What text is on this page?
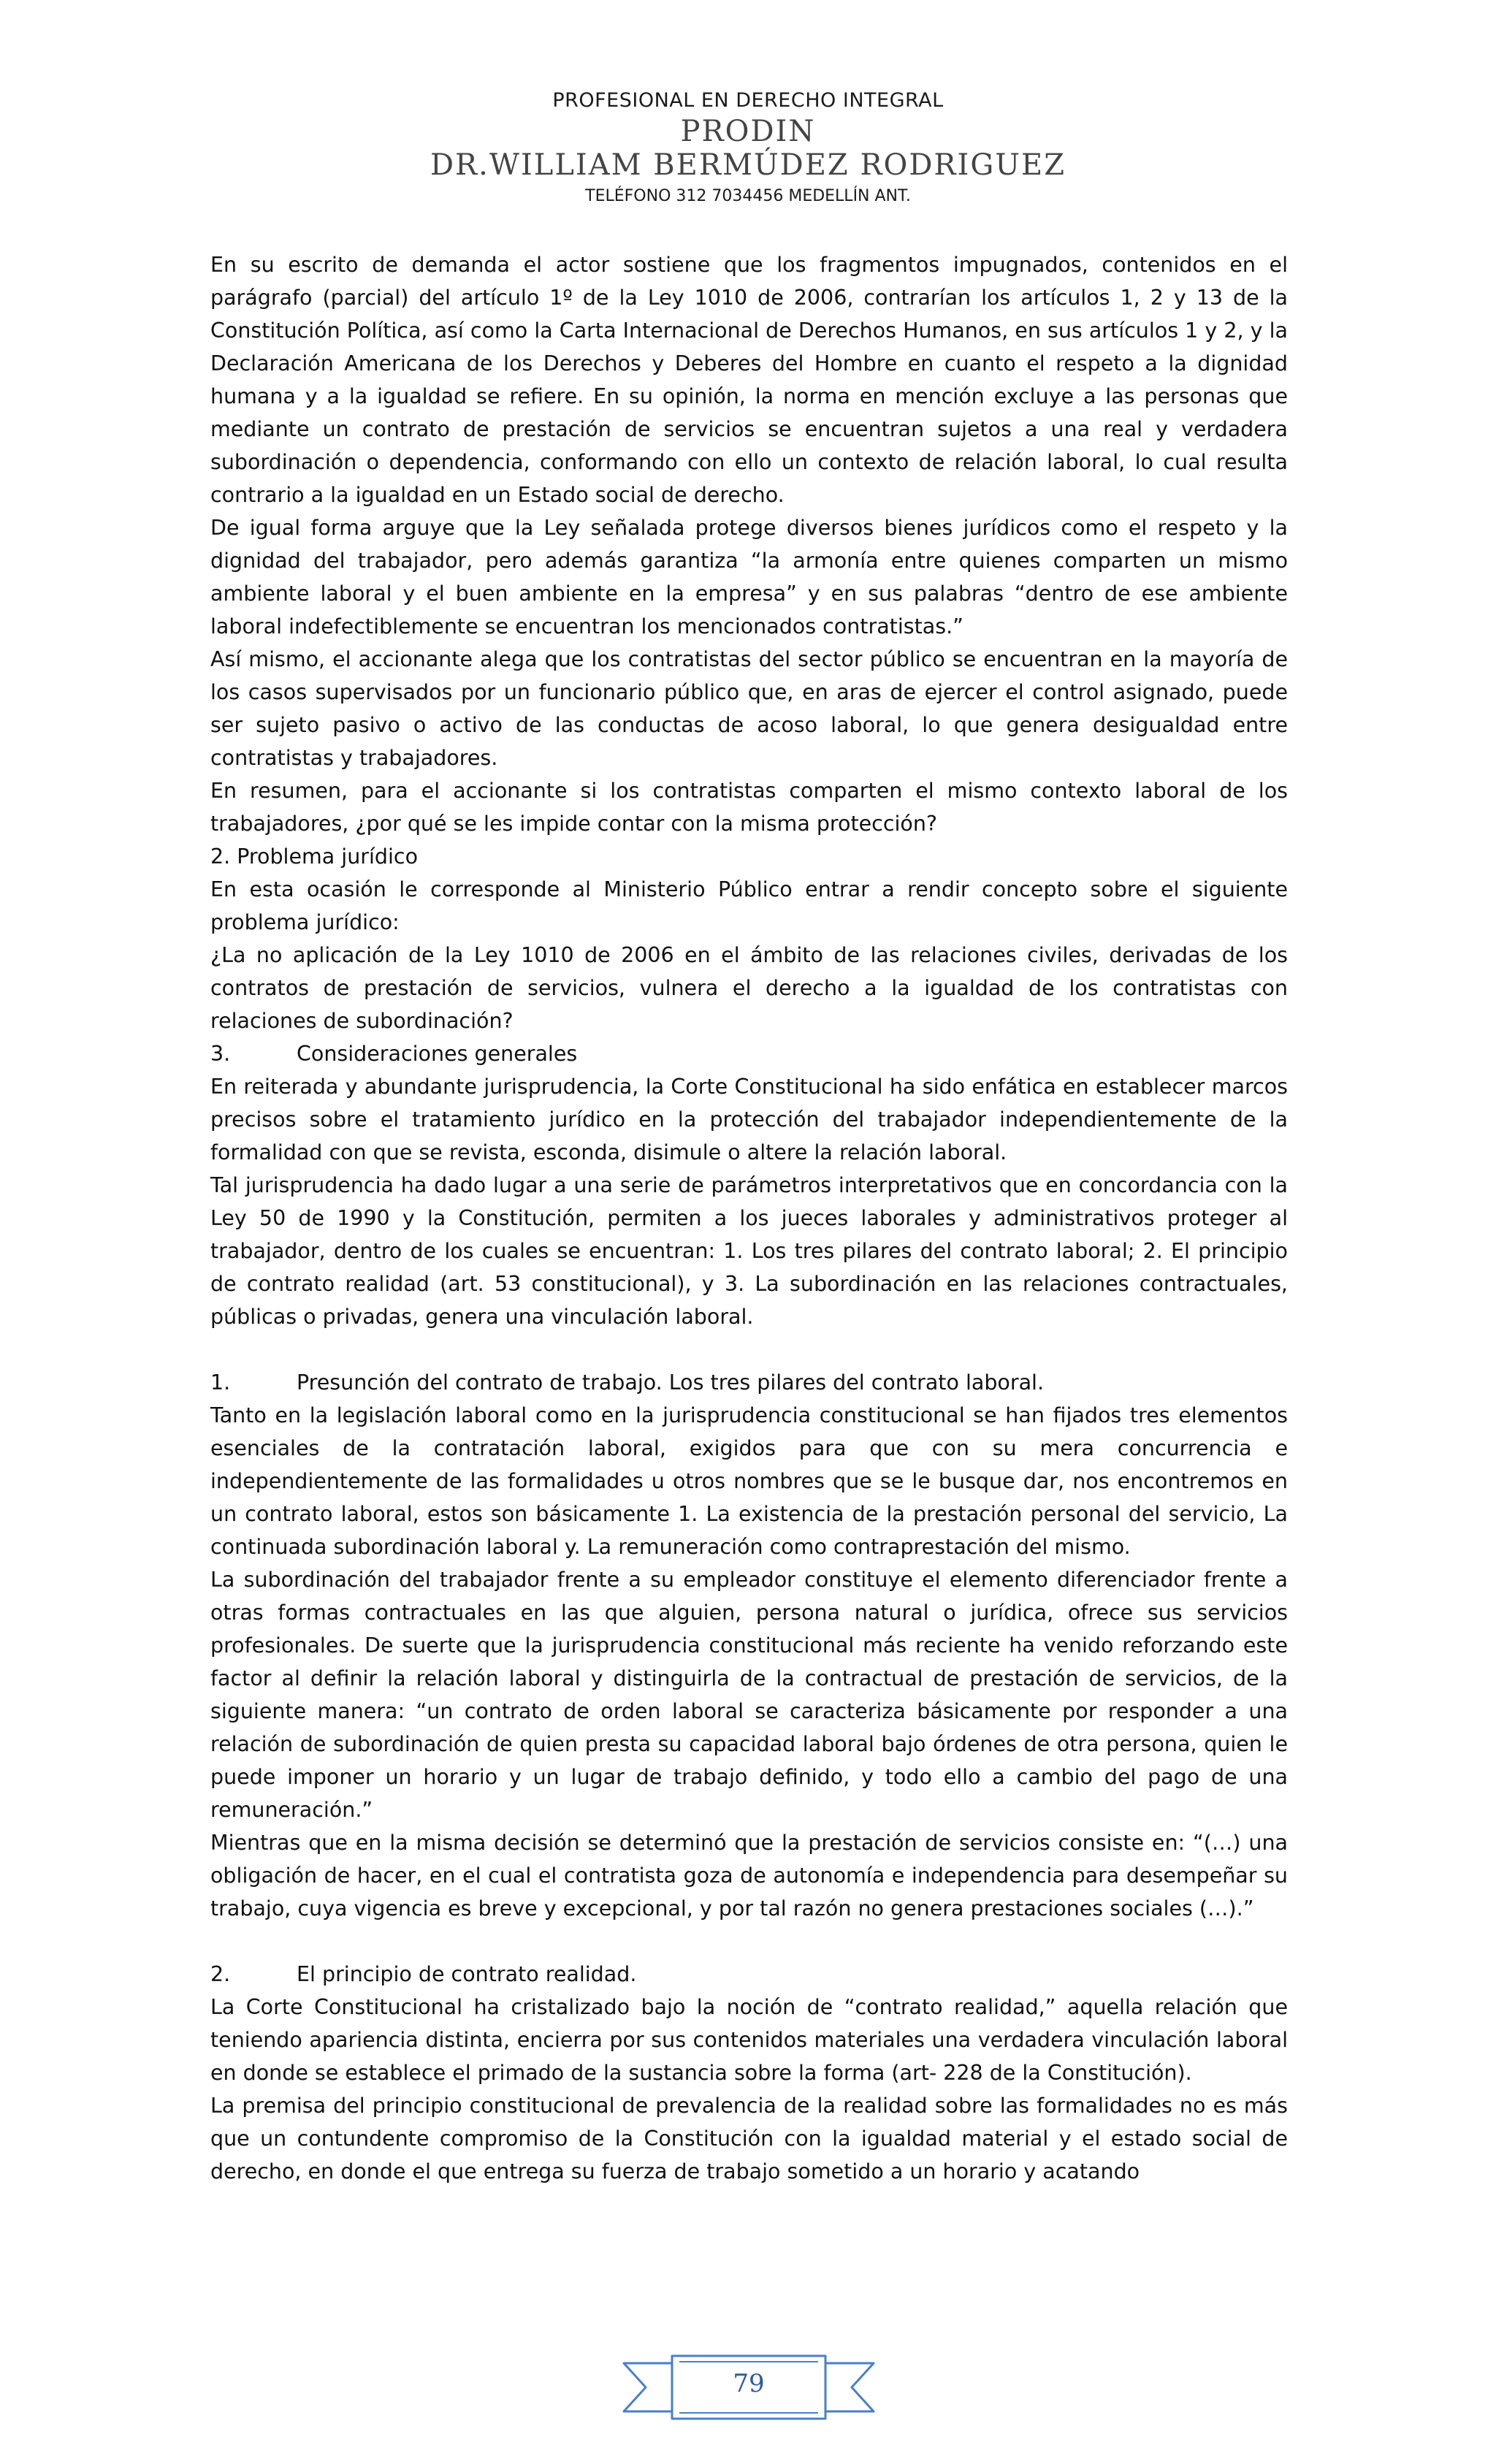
PROFESIONAL EN DERECHO INTEGRAL
PRODIN
DR.WILLIAM BERMÚDEZ RODRIGUEZ
TELÉFONO 312 7034456 MEDELLÍN ANT.

En su escrito de demanda el actor sostiene que los fragmentos impugnados, contenidos en el parágrafo (parcial) del artículo 1º de la Ley 1010 de 2006, contrarían los artículos 1, 2 y 13 de la Constitución Política, así como la Carta Internacional de Derechos Humanos, en sus artículos 1 y 2, y la Declaración Americana de los Derechos y Deberes del Hombre en cuanto el respeto a la dignidad humana y a la igualdad se refiere. En su opinión, la norma en mención excluye a las personas que mediante un contrato de prestación de servicios se encuentran sujetos a una real y verdadera subordinación o dependencia, conformando con ello un contexto de relación laboral, lo cual resulta contrario a la igualdad en un Estado social de derecho.

De igual forma arguye que la Ley señalada protege diversos bienes jurídicos como el respeto y la dignidad del trabajador, pero además garantiza “la armonía entre quienes comparten un mismo ambiente laboral y el buen ambiente en la empresa” y en sus palabras “dentro de ese ambiente laboral indefectiblemente se encuentran los mencionados contratistas.”

Así mismo, el accionante alega que los contratistas del sector público se encuentran en la mayoría de los casos supervisados por un funcionario público que, en aras de ejercer el control asignado, puede ser sujeto pasivo o activo de las conductas de acoso laboral, lo que genera desigualdad entre contratistas y trabajadores.

En resumen, para el accionante si los contratistas comparten el mismo contexto laboral de los trabajadores, ¿por qué se les impide contar con la misma protección?

2. Problema jurídico

En esta ocasión le corresponde al Ministerio Público entrar a rendir concepto sobre el siguiente problema jurídico:

¿La no aplicación de la Ley 1010 de 2006 en el ámbito de las relaciones civiles, derivadas de los contratos de prestación de servicios, vulnera el derecho a la igualdad de los contratistas con relaciones de subordinación?

3.	Consideraciones generales

En reiterada y abundante jurisprudencia, la Corte Constitucional ha sido enfática en establecer marcos precisos sobre el tratamiento jurídico en la protección del trabajador independientemente de la formalidad con que se revista, esconda, disimule o altere la relación laboral.

Tal jurisprudencia ha dado lugar a una serie de parámetros interpretativos que en concordancia con la Ley 50 de 1990 y la Constitución, permiten a los jueces laborales y administrativos proteger al trabajador, dentro de los cuales se encuentran: 1. Los tres pilares del contrato laboral; 2. El principio de contrato realidad (art. 53 constitucional), y 3. La subordinación en las relaciones contractuales, públicas o privadas, genera una vinculación laboral.

1.	Presunción del contrato de trabajo. Los tres pilares del contrato laboral.

Tanto en la legislación laboral como en la jurisprudencia constitucional se han fijados tres elementos esenciales de la contratación laboral, exigidos para que con su mera concurrencia e independientemente de las formalidades u otros nombres que se le busque dar, nos encontremos en un contrato laboral, estos son básicamente 1. La existencia de la prestación personal del servicio, La continuada subordinación laboral y. La remuneración como contraprestación del mismo.

La subordinación del trabajador frente a su empleador constituye el elemento diferenciador frente a otras formas contractuales en las que alguien, persona natural o jurídica, ofrece sus servicios profesionales. De suerte que la jurisprudencia constitucional más reciente ha venido reforzando este factor al definir la relación laboral y distinguirla de la contractual de prestación de servicios, de la siguiente manera: “un contrato de orden laboral se caracteriza básicamente por responder a una relación de subordinación de quien presta su capacidad laboral bajo órdenes de otra persona, quien le puede imponer un horario y un lugar de trabajo definido, y todo ello a cambio del pago de una remuneración.”

Mientras que en la misma decisión se determinó que la prestación de servicios consiste en: “(…) una obligación de hacer, en el cual el contratista goza de autonomía e independencia para desempeñar su trabajo, cuya vigencia es breve y excepcional, y por tal razón no genera prestaciones sociales (…).”

2.	El principio de contrato realidad.

La Corte Constitucional ha cristalizado bajo la noción de “contrato realidad,” aquella relación que teniendo apariencia distinta, encierra por sus contenidos materiales una verdadera vinculación laboral en donde se establece el primado de la sustancia sobre la forma (art- 228 de la Constitución).

La premisa del principio constitucional de prevalencia de la realidad sobre las formalidades no es más que un contundente compromiso de la Constitución con la igualdad material y el estado social de derecho, en donde el que entrega su fuerza de trabajo sometido a un horario y acatando

79
